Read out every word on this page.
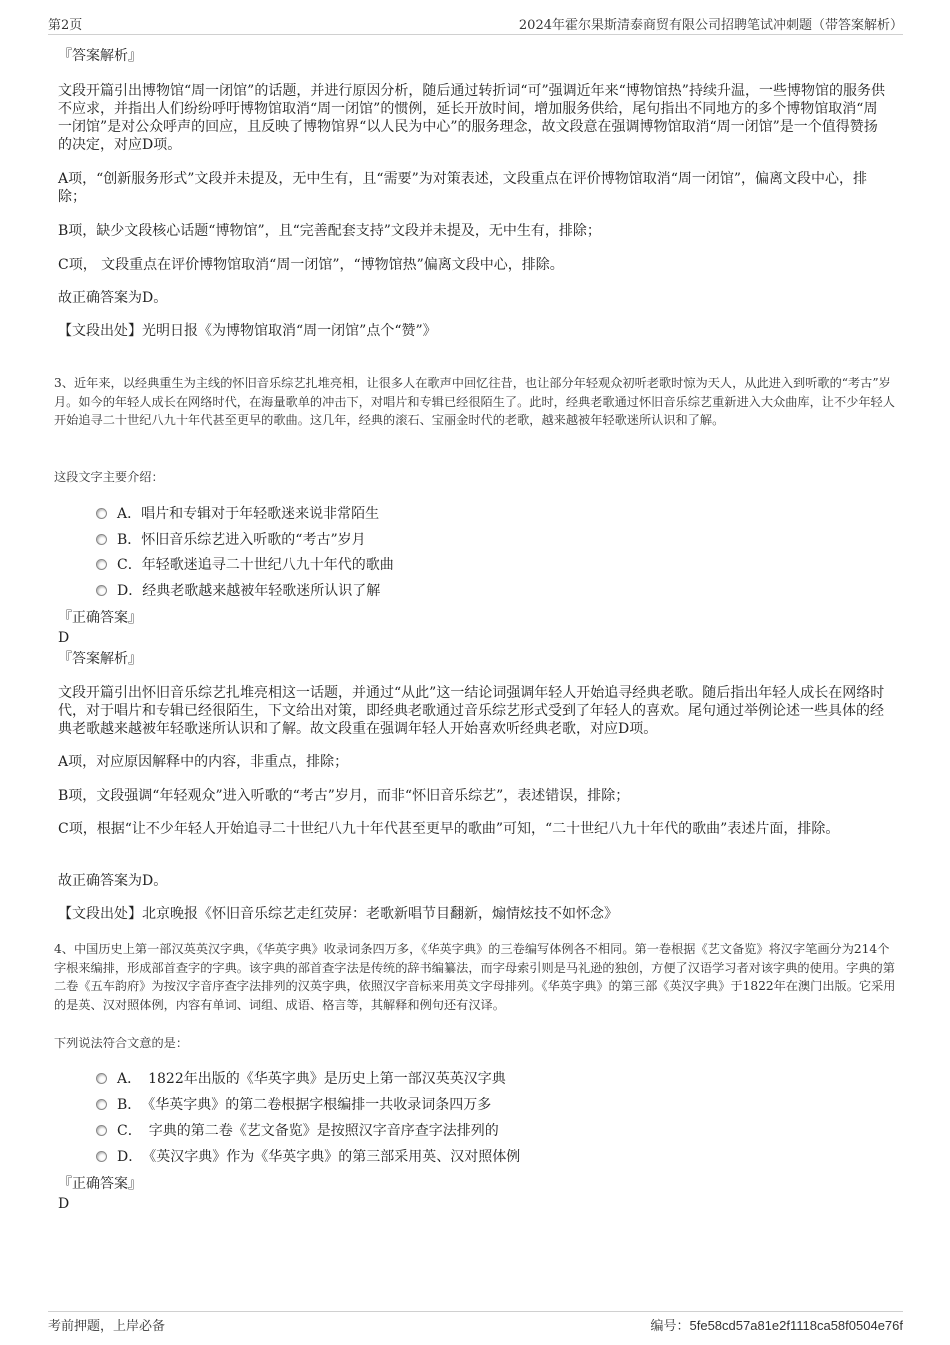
第2页	2024年霍尔果斯清泰商贸有限公司招聘笔试冲刺题（带答案解析）
『答案解析』
文段开篇引出博物馆“周一闭馆”的话题，并进行原因分析，随后通过转折词“可”强调近年来“博物馆热”持续升温，一些博物馆的服务供不应求，并指出人们纷纷呼吁博物馆取消“周一闭馆”的惯例，延长开放时间，增加服务供给，尾句指出不同地方的多个博物馆取消“周一闭馆”是对公众呼声的回应，且反映了博物馆界“以人民为中心”的服务理念，故文段意在强调博物馆取消“周一闭馆”是一个值得赞扬的决定，对应D项。
A项，“创新服务形式”文段并未提及，无中生有，且“需要”为对策表述，文段重点在评价博物馆取消“周一闭馆”，偏离文段中心，排除；
B项，缺少文段核心话题“博物馆”，且“完善配套支持”文段并未提及，无中生有，排除；
C项， 文段重点在评价博物馆取消“周一闭馆”，“博物馆热”偏离文段中心，排除。
故正确答案为D。
【文段出处】光明日报《为博物馆取消“周一闭馆”点个“赞”》
3、近年来，以经典重生为主线的怀旧音乐综艺扎堆亮相，让很多人在歌声中回忆往昔，也让部分年轻观众初听老歌时惊为天人，从此进入到听歌的“考古”岁月。如今的年轻人成长在网络时代，在海量歌单的冲击下，对唱片和专辑已经很陌生了。此时，经典老歌通过怀旧音乐综艺重新进入大众曲库，让不少年轻人开始追寻二十世纪八九十年代甚至更早的歌曲。这几年，经典的滚石、宝丽金时代的老歌，越来越被年轻歌迷所认识和了解。
这段文字主要介绍：
A．唱片和专辑对于年轻歌迷来说非常陌生
B．怀旧音乐综艺进入听歌的“考古”岁月
C．年轻歌迷追寻二十世纪八九十年代的歌曲
D．经典老歌越来越被年轻歌迷所认识了解
『正确答案』
D
『答案解析』
文段开篇引出怀旧音乐综艺扎堆亮相这一话题，并通过“从此”这一结论词强调年轻人开始追寻经典老歌。随后指出年轻人成长在网络时代，对于唱片和专辑已经很陌生，下文给出对策，即经典老歌通过音乐综艺形式受到了年轻人的喜欢。尾句通过举例论述一些具体的经典老歌越来越被年轻歌迷所认识和了解。故文段重在强调年轻人开始喜欢听经典老歌，对应D项。
A项，对应原因解释中的内容，非重点，排除；
B项，文段强调“年轻观众”进入听歌的“考古”岁月，而非“怀旧音乐综艺”，表述错误，排除；
C项，根据“让不少年轻人开始追寻二十世纪八九十年代甚至更早的歌曲”可知，“二十世纪八九十年代的歌曲”表述片面，排除。
故正确答案为D。
【文段出处】北京晚报《怀旧音乐综艺走红荧屏：老歌新唱节目翻新，煽情炫技不如怀念》
4、中国历史上第一部汉英英汉字典，《华英字典》收录词条四万多，《华英字典》的三卷编写体例各不相同。第一卷根据《艺文备览》将汉字笔画分为214个字根来编排，形成部首查字的字典。该字典的部首查字法是传统的辞书编纂法，而字母索引则是马礼逊的独创，方便了汉语学习者对该字典的使用。字典的第二卷《五车韵府》为按汉字音序查字法排列的汉英字典，依照汉字音标来用英文字母排列。《华英字典》的第三部《英汉字典》于1822年在澳门出版。它采用的是英、汉对照体例，内容有单词、词组、成语、格言等，其解释和例句还有汉译。
下列说法符合文意的是：
A．　1822年出版的《华英字典》是历史上第一部汉英英汉字典
B．　《华英字典》的第二卷根据字根编排一共收录词条四万多
C．　字典的第二卷《艺文备览》是按照汉字音序查字法排列的
D．　《英汉字典》作为《华英字典》的第三部采用英、汉对照体例
『正确答案』
D
考前押题，上岸必备	编号：5fe58cd57a81e2f1118ca58f0504e76f
